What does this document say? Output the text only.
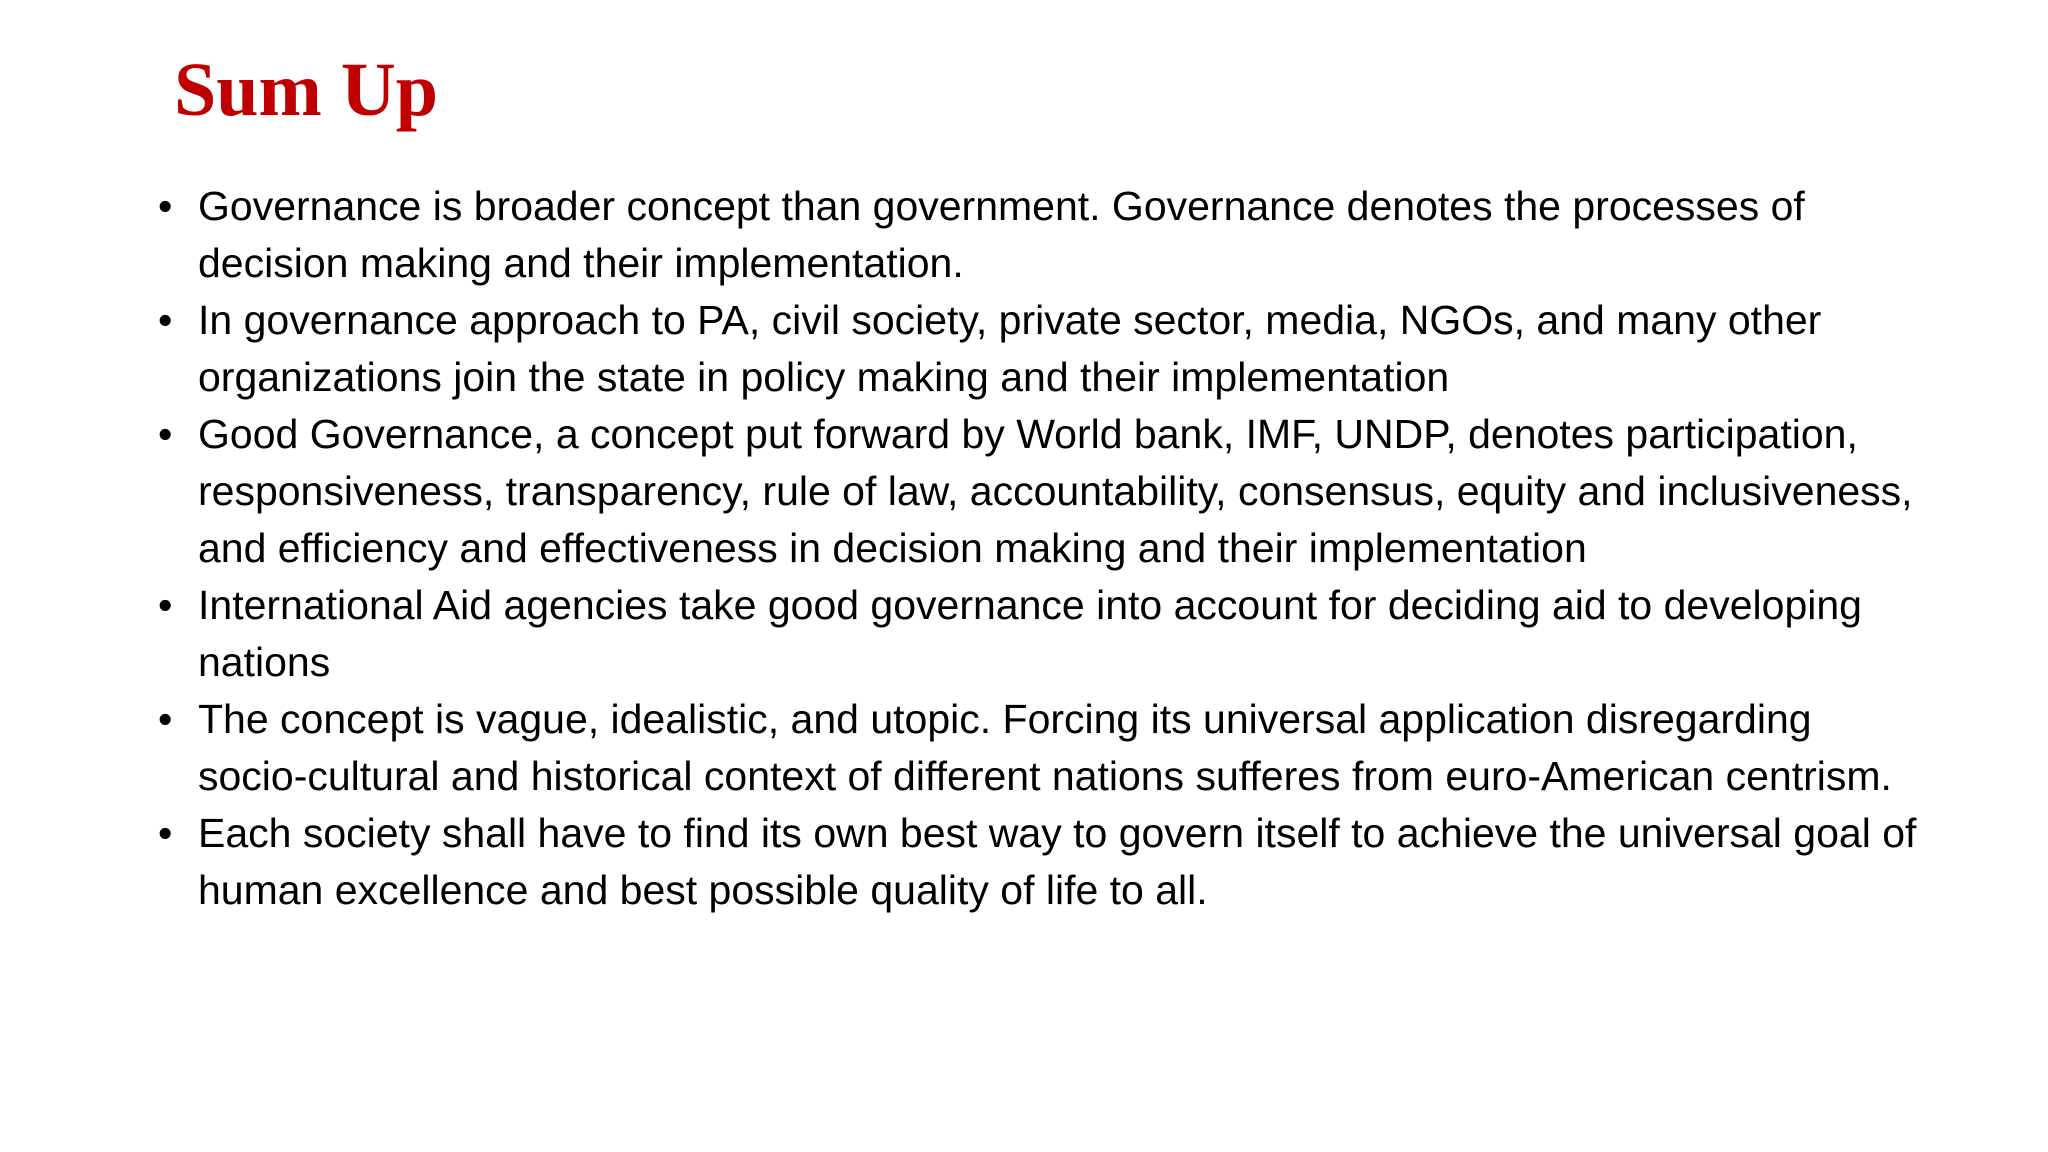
Sum Up
• Governance is broader concept than government. Governance denotes the processes of decision making and their implementation.
• In governance approach to PA, civil society, private sector, media, NGOs, and many other organizations join the state in policy making and their implementation
• Good Governance, a concept put forward by World bank, IMF, UNDP, denotes participation, responsiveness, transparency, rule of law, accountability, consensus, equity and inclusiveness, and efficiency and effectiveness in decision making and their implementation
• International Aid agencies take good governance into account for deciding aid to developing nations
• The concept is vague, idealistic, and utopic. Forcing its universal application disregarding socio-cultural and historical context of different nations sufferes from euro-American centrism.
• Each society shall have to find its own best way to govern itself to achieve the universal goal of human excellence and best possible quality of life to all.
